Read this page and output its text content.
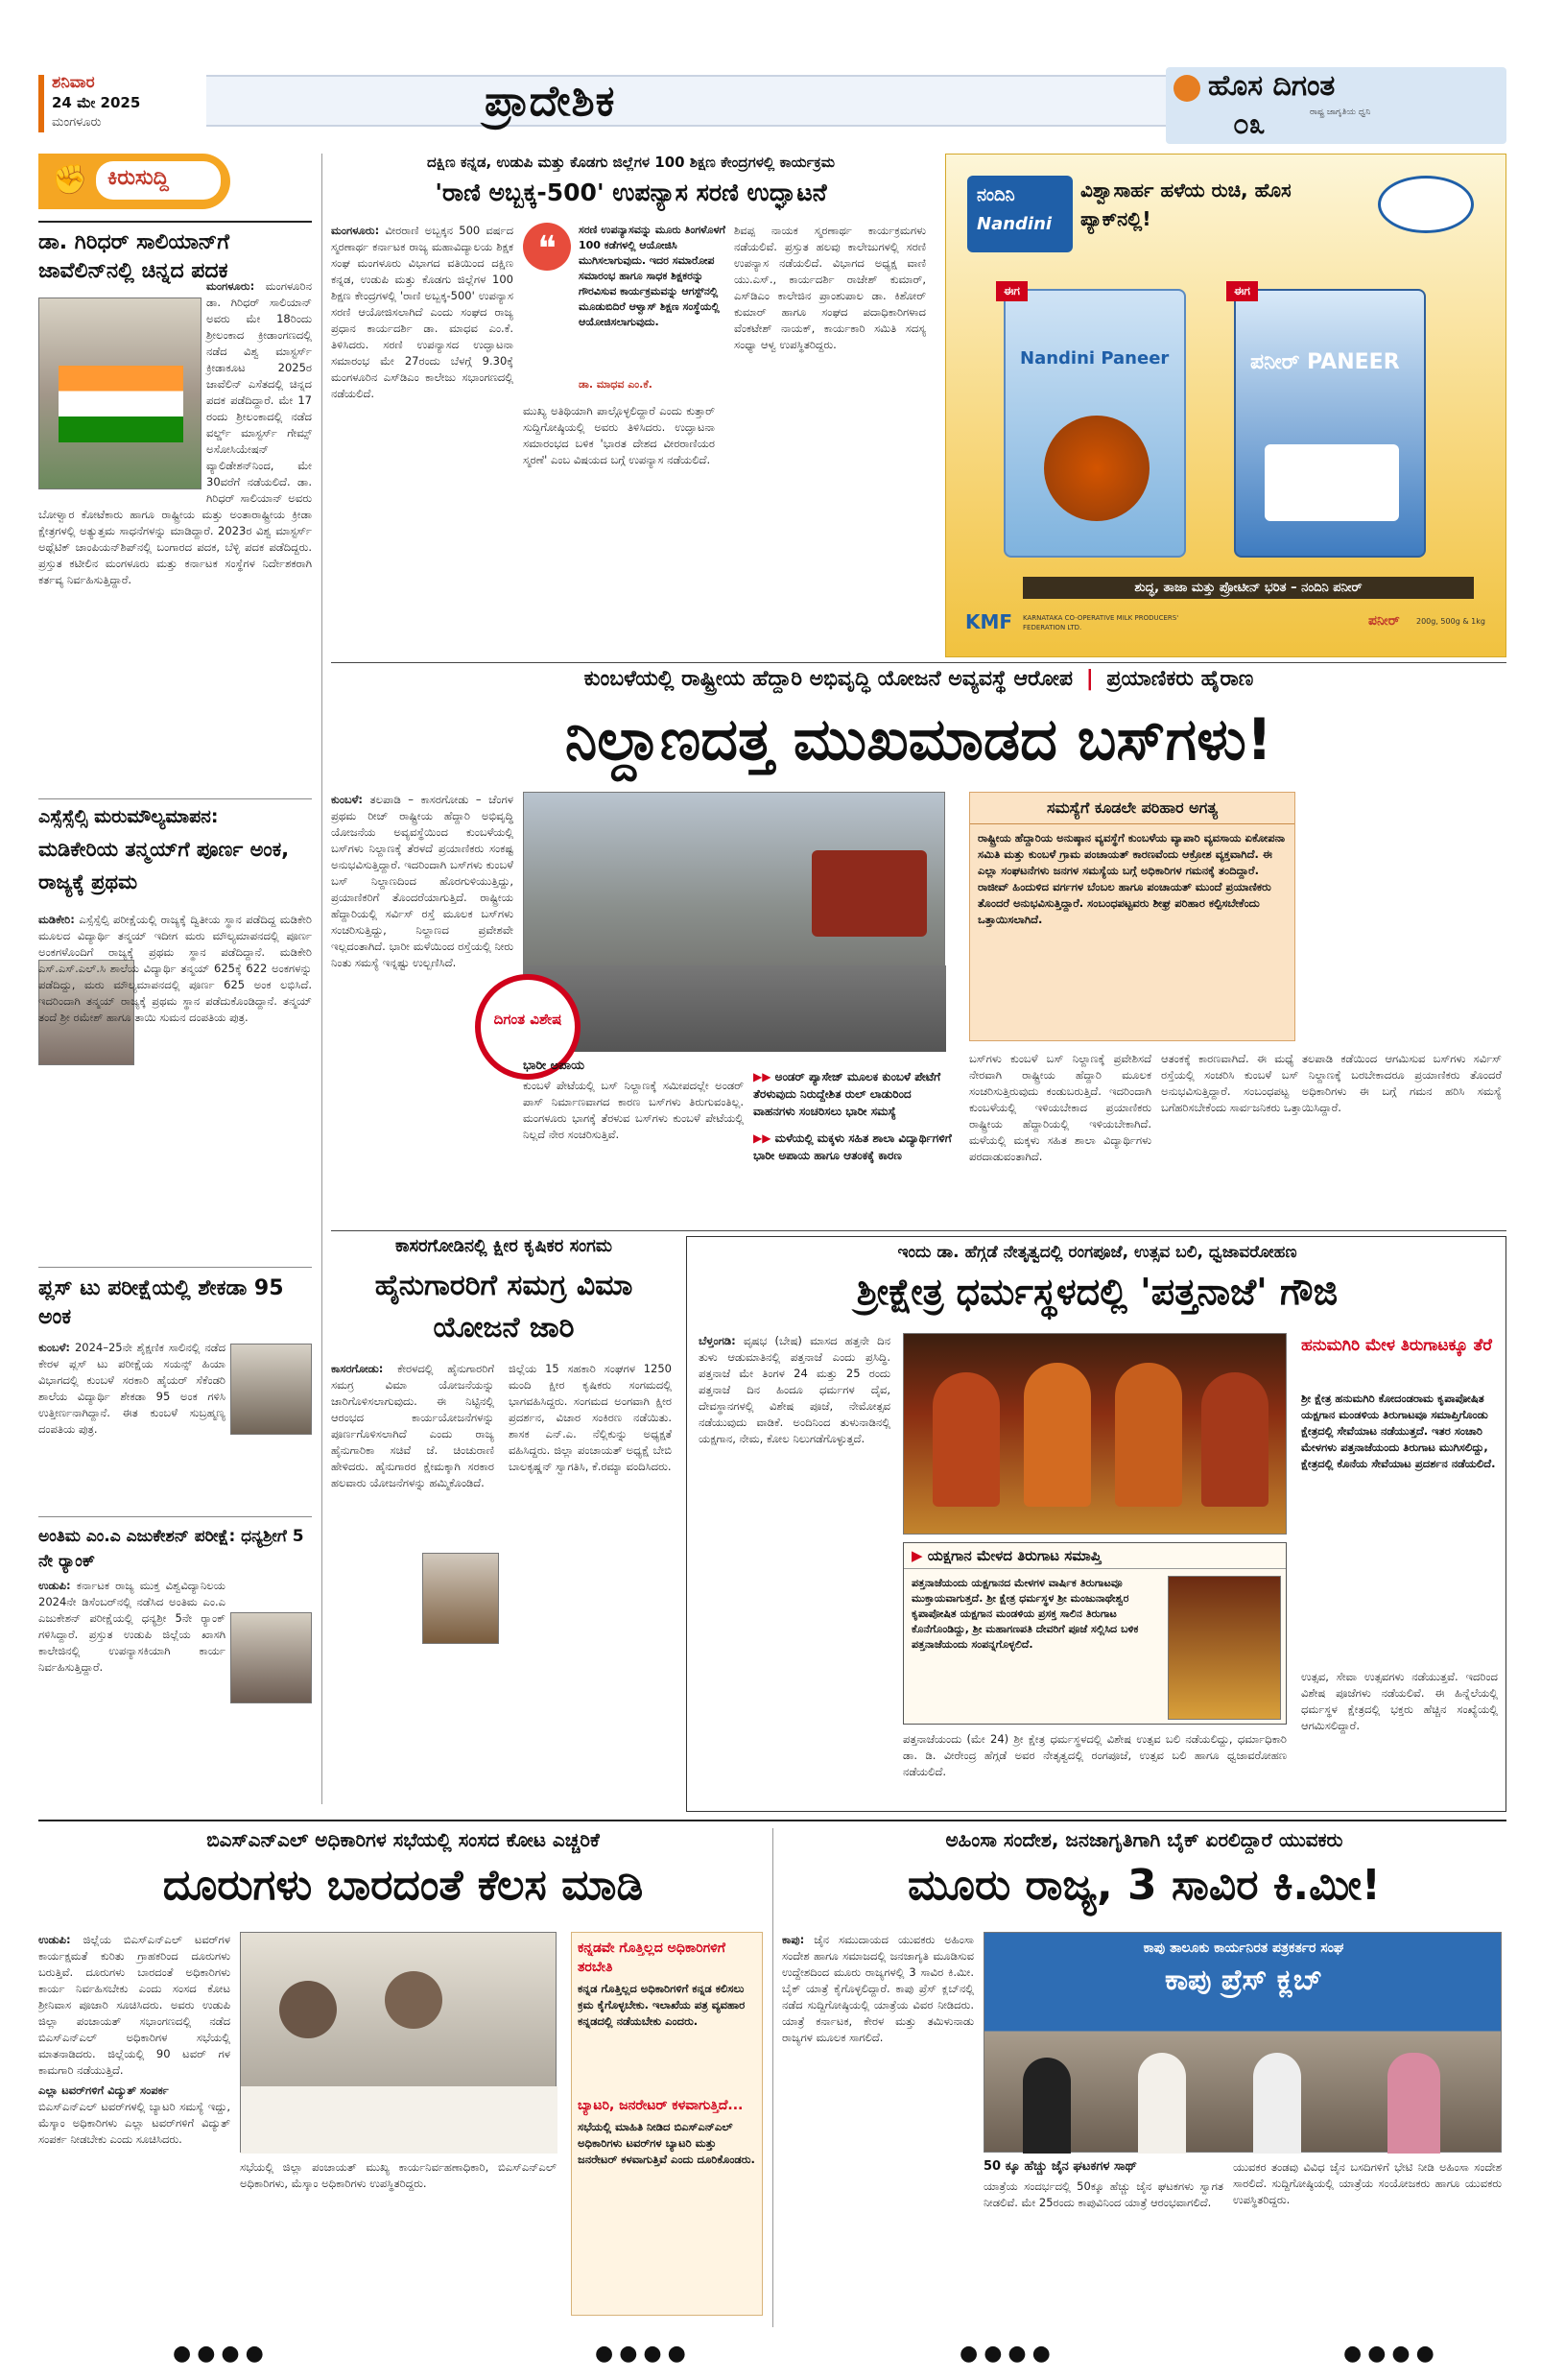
ಶನಿವಾರ
24 ಮೇ 2025
ಮಂಗಳೂರು	ಪ್ರಾದೇಶಿಕ	ಹೊಸ ದಿಗಂತ
ರಾಷ್ಟ್ರ ಜಾಗೃತಿಯ ಧ್ವನಿ
೦೩
✊ ಕಿರುಸುದ್ದಿ
ಡಾ. ಗಿರಿಧರ್ ಸಾಲಿಯಾನ್‌ಗೆ ಜಾವೆಲಿನ್‌ನಲ್ಲಿ ಚಿನ್ನದ ಪದಕ
ಮಂಗಳೂರು: ಮಂಗಳೂರಿನ ಡಾ. ಗಿರಿಧರ್ ಸಾಲಿಯಾನ್ ಅವರು ಮೇ 18ರಿಂದು ಶ್ರೀಲಂಕಾದ ಕ್ರೀಡಾಂಗಣದಲ್ಲಿ ನಡೆದ ವಿಶ್ವ ಮಾಸ್ಟರ್ಸ್ ಕ್ರೀಡಾಕೂಟ 2025ರ ಜಾವೆಲಿನ್ ಎಸೆತದಲ್ಲಿ ಚಿನ್ನದ ಪದಕ ಪಡೆದಿದ್ದಾರೆ. ಮೇ 17 ರಂದು ಶ್ರೀಲಂಕಾದಲ್ಲಿ ನಡೆದ ವರ್ಲ್ಡ್ ಮಾಸ್ಟರ್ಸ್ ಗೇಮ್ಸ್ ಅಸೋಸಿಯೇಷನ್ ವ್ಯಾಲಿಡೇಶನ್‌ನಿಂದ, ಮೇ 30ವರೆಗೆ ನಡೆಯಲಿದೆ. ಡಾ. ಗಿರಿಧರ್ ಸಾಲಿಯಾನ್ ಅವರು ಬೋಳ್ವಾರ ಕೋಟೆಕಾರು ಹಾಗೂ ರಾಷ್ಟ್ರೀಯ ಮತ್ತು ಅಂತಾರಾಷ್ಟ್ರೀಯ ಕ್ರೀಡಾ ಕ್ಷೇತ್ರಗಳಲ್ಲಿ ಅತ್ಯುತ್ತಮ ಸಾಧನೆಗಳನ್ನು ಮಾಡಿದ್ದಾರೆ. 2023ರ ವಿಶ್ವ ಮಾಸ್ಟರ್ಸ್ ಅಥ್ಲೆಟಿಕ್ ಚಾಂಪಿಯನ್‌ಶಿಪ್‌ನಲ್ಲಿ ಬಂಗಾರದ ಪದಕ, ಬೆಳ್ಳಿ ಪದಕ ಪಡೆದಿದ್ದರು. ಪ್ರಸ್ತುತ ಕಟೀಲಿನ ಮಂಗಳೂರು ಮತ್ತು ಕರ್ನಾಟಕ ಸಂಸ್ಥೆಗಳ ನಿರ್ದೇಶಕರಾಗಿ ಕರ್ತವ್ಯ ನಿರ್ವಹಿಸುತ್ತಿದ್ದಾರೆ.
ಎಸ್ಸೆಸ್ಸೆಲ್ಸಿ ಮರುಮೌಲ್ಯಮಾಪನ:
ಮಡಿಕೇರಿಯ ತನ್ಮಯ್‌ಗೆ ಪೂರ್ಣ ಅಂಕ, ರಾಜ್ಯಕ್ಕೆ ಪ್ರಥಮ
ಮಡಿಕೇರಿ: ಎಸ್ಸೆಸ್ಸೆಲ್ಸಿ ಪರೀಕ್ಷೆಯಲ್ಲಿ ರಾಜ್ಯಕ್ಕೆ ದ್ವಿತೀಯ ಸ್ಥಾನ ಪಡೆದಿದ್ದ ಮಡಿಕೇರಿ ಮೂಲದ ವಿದ್ಯಾರ್ಥಿ ತನ್ಮಯ್ ಇದೀಗ ಮರು ಮೌಲ್ಯಮಾಪನದಲ್ಲಿ ಪೂರ್ಣ ಅಂಕಗಳೊಂದಿಗೆ ರಾಜ್ಯಕ್ಕೆ ಪ್ರಥಮ ಸ್ಥಾನ ಪಡೆದಿದ್ದಾನೆ. ಮಡಿಕೇರಿ ಎಸ್.ಎಸ್.ಎಲ್.ಸಿ ಶಾಲೆಯ ವಿದ್ಯಾರ್ಥಿ ತನ್ಮಯ್ 625ಕ್ಕೆ 622 ಅಂಕಗಳನ್ನು ಪಡೆದಿದ್ದು, ಮರು ಮೌಲ್ಯಮಾಪನದಲ್ಲಿ ಪೂರ್ಣ 625 ಅಂಕ ಲಭಿಸಿದೆ. ಇದರಿಂದಾಗಿ ತನ್ಮಯ್ ರಾಜ್ಯಕ್ಕೆ ಪ್ರಥಮ ಸ್ಥಾನ ಪಡೆದುಕೊಂಡಿದ್ದಾನೆ. ತನ್ಮಯ್ ತಂದೆ ಶ್ರೀ ರಮೇಶ್ ಹಾಗೂ ತಾಯಿ ಸುಮನ ದಂಪತಿಯ ಪುತ್ರ.
ಪ್ಲಸ್ ಟು ಪರೀಕ್ಷೆಯಲ್ಲಿ ಶೇಕಡಾ 95 ಅಂಕ
ಕುಂಬಳೆ: 2024–25ನೇ ಶೈಕ್ಷಣಿಕ ಸಾಲಿನಲ್ಲಿ ನಡೆದ ಕೇರಳ ಪ್ಲಸ್ ಟು ಪರೀಕ್ಷೆಯ ಸಯನ್ಸ್ ಹಿಯಾ ವಿಭಾಗದಲ್ಲಿ ಕುಂಬಳೆ ಸರಕಾರಿ ಹೈಯರ್ ಸೆಕೆಂಡರಿ ಶಾಲೆಯ ವಿದ್ಯಾರ್ಥಿ ಶೇಕಡಾ 95 ಅಂಕ ಗಳಿಸಿ ಉತ್ತೀರ್ಣನಾಗಿದ್ದಾನೆ. ಈತ ಕುಂಬಳೆ ಸುಬ್ರಹ್ಮಣ್ಯ ದಂಪತಿಯ ಪುತ್ರ.
ಅಂತಿಮ ಎಂ.ಎ ಎಜುಕೇಶನ್ ಪರೀಕ್ಷೆ: ಧನ್ಯಶ್ರೀಗೆ 5 ನೇ ರ್‍ಯಾಂಕ್
ಉಡುಪಿ: ಕರ್ನಾಟಕ ರಾಜ್ಯ ಮುಕ್ತ ವಿಶ್ವವಿದ್ಯಾನಿಲಯ 2024ನೇ ಡಿಸೆಂಬರ್‌ನಲ್ಲಿ ನಡೆಸಿದ ಅಂತಿಮ ಎಂ.ಎ ಎಜುಕೇಶನ್ ಪರೀಕ್ಷೆಯಲ್ಲಿ ಧನ್ಯಶ್ರೀ 5ನೇ ರ್‍ಯಾಂಕ್ ಗಳಿಸಿದ್ದಾರೆ. ಪ್ರಸ್ತುತ ಉಡುಪಿ ಜಿಲ್ಲೆಯ ಖಾಸಗಿ ಕಾಲೇಜಿನಲ್ಲಿ ಉಪನ್ಯಾಸಕಿಯಾಗಿ ಕಾರ್ಯ ನಿರ್ವಹಿಸುತ್ತಿದ್ದಾರೆ.
ದಕ್ಷಿಣ ಕನ್ನಡ, ಉಡುಪಿ ಮತ್ತು ಕೊಡಗು ಜಿಲ್ಲೆಗಳ 100 ಶಿಕ್ಷಣ ಕೇಂದ್ರಗಳಲ್ಲಿ ಕಾರ್ಯಕ್ರಮ
'ರಾಣಿ ಅಬ್ಬಕ್ಕ-500' ಉಪನ್ಯಾಸ ಸರಣಿ ಉದ್ಘಾಟನೆ
ಮಂಗಳೂರು: ವೀರರಾಣಿ ಅಬ್ಬಕ್ಕನ 500 ವರ್ಷದ ಸ್ಮರಣಾರ್ಥ ಕರ್ನಾಟಕ ರಾಜ್ಯ ಮಹಾವಿದ್ಯಾಲಯ ಶಿಕ್ಷಕ ಸಂಘ ಮಂಗಳೂರು ವಿಭಾಗದ ವತಿಯಿಂದ ದಕ್ಷಿಣ ಕನ್ನಡ, ಉಡುಪಿ ಮತ್ತು ಕೊಡಗು ಜಿಲ್ಲೆಗಳ 100 ಶಿಕ್ಷಣ ಕೇಂದ್ರಗಳಲ್ಲಿ 'ರಾಣಿ ಅಬ್ಬಕ್ಕ-500' ಉಪನ್ಯಾಸ ಸರಣಿ ಆಯೋಜಿಸಲಾಗಿದೆ ಎಂದು ಸಂಘದ ರಾಜ್ಯ ಪ್ರಧಾನ ಕಾರ್ಯದರ್ಶಿ ಡಾ. ಮಾಧವ ಎಂ.ಕೆ. ತಿಳಿಸಿದರು. ಸರಣಿ ಉಪನ್ಯಾಸದ ಉದ್ಘಾಟನಾ ಸಮಾರಂಭ ಮೇ 27ರಂದು ಬೆಳಗ್ಗೆ 9.30ಕ್ಕೆ ಮಂಗಳೂರಿನ ಎಸ್‌ಡಿಎಂ ಕಾಲೇಜು ಸಭಾಂಗಣದಲ್ಲಿ ನಡೆಯಲಿದೆ.
❝	ಸರಣಿ ಉಪನ್ಯಾಸವನ್ನು ಮೂರು ತಿಂಗಳೊಳಗೆ 100 ಕಡೆಗಳಲ್ಲಿ ಆಯೋಜಿಸಿ ಮುಗಿಸಲಾಗುವುದು. ಇದರ ಸಮಾರೋಪ ಸಮಾರಂಭ ಹಾಗೂ ಸಾಧಕ ಶಿಕ್ಷಕರನ್ನು ಗೌರವಿಸುವ ಕಾರ್ಯಕ್ರಮವನ್ನು ಆಗಸ್ಟ್‌ನಲ್ಲಿ ಮೂಡುಬಿದಿರೆ ಆಳ್ವಾಸ್ ಶಿಕ್ಷಣ ಸಂಸ್ಥೆಯಲ್ಲಿ ಆಯೋಜಿಸಲಾಗುವುದು.
ಡಾ. ಮಾಧವ ಎಂ.ಕೆ.
ಮುಖ್ಯ ಅತಿಥಿಯಾಗಿ ಪಾಲ್ಗೊಳ್ಳಲಿದ್ದಾರೆ ಎಂದು ಕುತ್ತಾರ್ ಸುದ್ದಿಗೋಷ್ಠಿಯಲ್ಲಿ ಅವರು ತಿಳಿಸಿದರು. ಉದ್ಘಾಟನಾ ಸಮಾರಂಭದ ಬಳಿಕ 'ಭಾರತ ದೇಶದ ವೀರರಾಣಿಯರ ಸ್ಮರಣೆ' ಎಂಬ ವಿಷಯದ ಬಗ್ಗೆ ಉಪನ್ಯಾಸ ನಡೆಯಲಿದೆ.
ಶಿವಪ್ಪ ನಾಯಕ ಸ್ಮರಣಾರ್ಥ ಕಾರ್ಯಕ್ರಮಗಳು ನಡೆಯಲಿವೆ. ಪ್ರಸ್ತುತ ಹಲವು ಕಾಲೇಜುಗಳಲ್ಲಿ ಸರಣಿ ಉಪನ್ಯಾಸ ನಡೆಯಲಿದೆ. ವಿಭಾಗದ ಅಧ್ಯಕ್ಷ ವಾಣಿ ಯು.ಎಸ್., ಕಾರ್ಯದರ್ಶಿ ರಾಜೇಶ್ ಕುಮಾರ್, ಎಸ್‌ಡಿಎಂ ಕಾಲೇಜಿನ ಪ್ರಾಂಶುಪಾಲ ಡಾ. ಕಿಶೋರ್ ಕುಮಾರ್ ಹಾಗೂ ಸಂಘದ ಪದಾಧಿಕಾರಿಗಳಾದ ವೆಂಕಟೇಶ್ ನಾಯಕ್, ಕಾರ್ಯಕಾರಿ ಸಮಿತಿ ಸದಸ್ಯ ಸಂಧ್ಯಾ ಆಳ್ವ ಉಪಸ್ಥಿತರಿದ್ದರು.
ನಂದಿನಿ
Nandini
ವಿಶ್ವಾಸಾರ್ಹ ಹಳೆಯ ರುಚಿ, ಹೊಸ ಪ್ಯಾಕ್‌ನಲ್ಲಿ!
ಈಗ
Nandini Paneer
ಈಗ
ಪನೀರ್ PANEER
ಶುದ್ಧ, ತಾಜಾ ಮತ್ತು ಪ್ರೋಟೀನ್ ಭರಿತ – ನಂದಿನಿ ಪನೀರ್
KMF KARNATAKA CO-OPERATIVE MILK PRODUCERS' FEDERATION LTD.	ಪನೀರ್ 200g, 500g & 1kg
ಕುಂಬಳೆಯಲ್ಲಿ ರಾಷ್ಟ್ರೀಯ ಹೆದ್ದಾರಿ ಅಭಿವೃದ್ಧಿ ಯೋಜನೆ ಅವ್ಯವಸ್ಥೆ ಆರೋಪ | ಪ್ರಯಾಣಿಕರು ಹೈರಾಣ
ನಿಲ್ದಾಣದತ್ತ ಮುಖಮಾಡದ ಬಸ್‌ಗಳು!
ಕುಂಬಳೆ: ತಲಪಾಡಿ – ಕಾಸರಗೋಡು – ಚೆಂಗಳ ಪ್ರಥಮ ರೀಚ್ ರಾಷ್ಟ್ರೀಯ ಹೆದ್ದಾರಿ ಅಭಿವೃದ್ಧಿ ಯೋಜನೆಯ ಅವ್ಯವಸ್ಥೆಯಿಂದ ಕುಂಬಳೆಯಲ್ಲಿ ಬಸ್‌ಗಳು ನಿಲ್ದಾಣಕ್ಕೆ ತೆರಳದೆ ಪ್ರಯಾಣಿಕರು ಸಂಕಷ್ಟ ಅನುಭವಿಸುತ್ತಿದ್ದಾರೆ. ಇದರಿಂದಾಗಿ ಬಸ್‌ಗಳು ಕುಂಬಳೆ ಬಸ್ ನಿಲ್ದಾಣದಿಂದ ಹೊರಗುಳಿಯುತ್ತಿದ್ದು, ಪ್ರಯಾಣಿಕರಿಗೆ ತೊಂದರೆಯಾಗುತ್ತಿದೆ. ರಾಷ್ಟ್ರೀಯ ಹೆದ್ದಾರಿಯಲ್ಲಿ ಸರ್ವಿಸ್ ರಸ್ತೆ ಮೂಲಕ ಬಸ್‌ಗಳು ಸಂಚರಿಸುತ್ತಿದ್ದು, ನಿಲ್ದಾಣದ ಪ್ರವೇಶವೇ ಇಲ್ಲದಂತಾಗಿದೆ. ಭಾರೀ ಮಳೆಯಿಂದ ರಸ್ತೆಯಲ್ಲಿ ನೀರು ನಿಂತು ಸಮಸ್ಯೆ ಇನ್ನಷ್ಟು ಉಲ್ಬಣಿಸಿದೆ.
ದಿಗಂತ ವಿಶೇಷ
ಭಾರೀ ಅಪಾಯ
ಕುಂಬಳೆ ಪೇಟೆಯಲ್ಲಿ ಬಸ್ ನಿಲ್ದಾಣಕ್ಕೆ ಸಮೀಪದಲ್ಲೇ ಅಂಡರ್ ಪಾಸ್ ನಿರ್ಮಾಣವಾಗದ ಕಾರಣ ಬಸ್‌ಗಳು ತಿರುಗುವಂತಿಲ್ಲ. ಮಂಗಳೂರು ಭಾಗಕ್ಕೆ ತೆರಳುವ ಬಸ್‌ಗಳು ಕುಂಬಳೆ ಪೇಟೆಯಲ್ಲಿ ನಿಲ್ಲದೆ ನೇರ ಸಂಚರಿಸುತ್ತಿವೆ.
▶▶ ಅಂಡರ್ ಪ್ಯಾಸೇಜ್ ಮೂಲಕ ಕುಂಬಳೆ ಪೇಟೆಗೆ ತೆರಳುವುದು ನಿರುದ್ದೇಶಿತ ರುಲ್ ಲಾಡುರಿಂದ ವಾಹನಗಳು ಸಂಚರಿಸಲು ಭಾರೀ ಸಮಸ್ಯೆ
▶▶ ಮಳೆಯಲ್ಲಿ ಮಕ್ಕಳು ಸಹಿತ ಶಾಲಾ ವಿದ್ಯಾರ್ಥಿಗಳಿಗೆ ಭಾರೀ ಅಪಾಯ ಹಾಗೂ ಆತಂಕಕ್ಕೆ ಕಾರಣ
ಸಮಸ್ಯೆಗೆ ಕೂಡಲೇ ಪರಿಹಾರ ಅಗತ್ಯ
ರಾಷ್ಟ್ರೀಯ ಹೆದ್ದಾರಿಯ ಅನುಷ್ಠಾನ ವ್ಯವಸ್ಥೆಗೆ ಕುಂಬಳೆಯ ವ್ಯಾಪಾರಿ ವ್ಯವಸಾಯ ಏಕೋಪನಾ ಸಮಿತಿ ಮತ್ತು ಕುಂಬಳೆ ಗ್ರಾಮ ಪಂಚಾಯತ್ ಕಾರಣವೆಂದು ಆಕ್ರೋಶ ವ್ಯಕ್ತವಾಗಿದೆ. ಈ ಎಲ್ಲಾ ಸಂಘಟನೆಗಳು ಜನಗಳ ಸಮಸ್ಯೆಯ ಬಗ್ಗೆ ಅಧಿಕಾರಿಗಳ ಗಮನಕ್ಕೆ ತಂದಿದ್ದಾರೆ. ರಾಜೀವ್ ಹಿಂದುಳಿದ ವರ್ಗಗಳ ಬೆಂಬಲ ಹಾಗೂ ಪಂಚಾಯತ್ ಮುಂದೆ ಪ್ರಯಾಣಿಕರು ತೊಂದರೆ ಅನುಭವಿಸುತ್ತಿದ್ದಾರೆ. ಸಂಬಂಧಪಟ್ಟವರು ಶೀಘ್ರ ಪರಿಹಾರ ಕಲ್ಪಿಸಬೇಕೆಂದು ಒತ್ತಾಯಿಸಲಾಗಿದೆ.
ಬಸ್‌ಗಳು ಕುಂಬಳೆ ಬಸ್ ನಿಲ್ದಾಣಕ್ಕೆ ಪ್ರವೇಶಿಸದೆ ನೇರವಾಗಿ ರಾಷ್ಟ್ರೀಯ ಹೆದ್ದಾರಿ ಮೂಲಕ ಸಂಚರಿಸುತ್ತಿರುವುದು ಕಂಡುಬರುತ್ತಿದೆ. ಇದರಿಂದಾಗಿ ಕುಂಬಳೆಯಲ್ಲಿ ಇಳಿಯಬೇಕಾದ ಪ್ರಯಾಣಿಕರು ರಾಷ್ಟ್ರೀಯ ಹೆದ್ದಾರಿಯಲ್ಲಿ ಇಳಿಯಬೇಕಾಗಿದೆ. ಮಳೆಯಲ್ಲಿ ಮಕ್ಕಳು ಸಹಿತ ಶಾಲಾ ವಿದ್ಯಾರ್ಥಿಗಳು ಪರದಾಡುವಂತಾಗಿದೆ.
ಆತಂಕಕ್ಕೆ ಕಾರಣವಾಗಿದೆ. ಈ ಮಧ್ಯೆ ತಲಪಾಡಿ ಕಡೆಯಿಂದ ಆಗಮಿಸುವ ಬಸ್‌ಗಳು ಸರ್ವಿಸ್ ರಸ್ತೆಯಲ್ಲಿ ಸಂಚರಿಸಿ ಕುಂಬಳೆ ಬಸ್ ನಿಲ್ದಾಣಕ್ಕೆ ಬರಬೇಕಾದರೂ ಪ್ರಯಾಣಿಕರು ತೊಂದರೆ ಅನುಭವಿಸುತ್ತಿದ್ದಾರೆ. ಸಂಬಂಧಪಟ್ಟ ಅಧಿಕಾರಿಗಳು ಈ ಬಗ್ಗೆ ಗಮನ ಹರಿಸಿ ಸಮಸ್ಯೆ ಬಗೆಹರಿಸಬೇಕೆಂದು ಸಾರ್ವಜನಿಕರು ಒತ್ತಾಯಿಸಿದ್ದಾರೆ.
ಕಾಸರಗೋಡಿನಲ್ಲಿ ಕ್ಷೀರ ಕೃಷಿಕರ ಸಂಗಮ
ಹೈನುಗಾರರಿಗೆ ಸಮಗ್ರ ವಿಮಾ ಯೋಜನೆ ಜಾರಿ
ಕಾಸರಗೋಡು: ಕೇರಳದಲ್ಲಿ ಹೈನುಗಾರರಿಗೆ ಸಮಗ್ರ ವಿಮಾ ಯೋಜನೆಯನ್ನು ಜಾರಿಗೊಳಿಸಲಾಗುವುದು. ಈ ನಿಟ್ಟಿನಲ್ಲಿ ಆರಂಭದ ಕಾರ್ಯಯೋಜನೆಗಳನ್ನು ಪೂರ್ಣಗೊಳಿಸಲಾಗಿದೆ ಎಂದು ರಾಜ್ಯ ಹೈನುಗಾರಿಕಾ ಸಚಿವೆ ಜೆ. ಚಿಂಚುರಾಣಿ ಹೇಳಿದರು. ಹೈನುಗಾರರ ಕ್ಷೇಮಕ್ಕಾಗಿ ಸರಕಾರ ಹಲವಾರು ಯೋಜನೆಗಳನ್ನು ಹಮ್ಮಿಕೊಂಡಿದೆ.
ಜಿಲ್ಲೆಯ 15 ಸಹಕಾರಿ ಸಂಘಗಳ 1250 ಮಂದಿ ಕ್ಷೀರ ಕೃಷಿಕರು ಸಂಗಮದಲ್ಲಿ ಭಾಗವಹಿಸಿದ್ದರು. ಸಂಗಮದ ಅಂಗವಾಗಿ ಕ್ಷೀರ ಪ್ರದರ್ಶನ, ವಿಚಾರ ಸಂಕಿರಣ ನಡೆಯಿತು. ಶಾಸಕ ಎನ್.ಎ. ನೆಲ್ಲಿಕುನ್ನು ಅಧ್ಯಕ್ಷತೆ ವಹಿಸಿದ್ದರು. ಜಿಲ್ಲಾ ಪಂಚಾಯತ್ ಅಧ್ಯಕ್ಷೆ ಬೇಬಿ ಬಾಲಕೃಷ್ಣನ್ ಸ್ವಾಗತಿಸಿ, ಕೆ.ರಮ್ಯಾ ವಂದಿಸಿದರು.
ಇಂದು ಡಾ. ಹೆಗ್ಗಡೆ ನೇತೃತ್ವದಲ್ಲಿ ರಂಗಪೂಜೆ, ಉತ್ಸವ ಬಲಿ, ಧ್ವಜಾವರೋಹಣ
ಶ್ರೀಕ್ಷೇತ್ರ ಧರ್ಮಸ್ಥಳದಲ್ಲಿ 'ಪತ್ತನಾಜೆ' ಗೌಜಿ
ಬೆಳ್ತಂಗಡಿ: ವೃಷಭ (ಬೇಷ) ಮಾಸದ ಹತ್ತನೇ ದಿನ ತುಳು ಆಡುಮಾತಿನಲ್ಲಿ ಪತ್ತನಾಜೆ ಎಂದು ಪ್ರಸಿದ್ಧಿ. ಪತ್ತನಾಜೆ ಮೇ ತಿಂಗಳ 24 ಮತ್ತು 25 ರಂದು ಪತ್ತನಾಜೆ ದಿನ ಹಿಂದೂ ಧರ್ಮಗಳ ದೈವ, ದೇವಸ್ಥಾನಗಳಲ್ಲಿ ವಿಶೇಷ ಪೂಜೆ, ನೇಮೋತ್ಸವ ನಡೆಯುವುದು ವಾಡಿಕೆ. ಅಂದಿನಿಂದ ತುಳುನಾಡಿನಲ್ಲಿ ಯಕ್ಷಗಾನ, ನೇಮ, ಕೋಲ ನಿಲುಗಡೆಗೊಳ್ಳುತ್ತದೆ.
▶ ಯಕ್ಷಗಾನ ಮೇಳದ ತಿರುಗಾಟ ಸಮಾಪ್ತಿ
ಪತ್ತನಾಜೆಯಂದು ಯಕ್ಷಗಾನದ ಮೇಳಗಳ ವಾರ್ಷಿಕ ತಿರುಗಾಟವೂ ಮುಕ್ತಾಯವಾಗುತ್ತದೆ. ಶ್ರೀ ಕ್ಷೇತ್ರ ಧರ್ಮಸ್ಥಳ ಶ್ರೀ ಮಂಜುನಾಥೇಶ್ವರ ಕೃಪಾಪೋಷಿತ ಯಕ್ಷಗಾನ ಮಂಡಳಿಯ ಪ್ರಸಕ್ತ ಸಾಲಿನ ತಿರುಗಾಟ ಕೊನೆಗೊಂಡಿದ್ದು, ಶ್ರೀ ಮಹಾಗಣಪತಿ ದೇವರಿಗೆ ಪೂಜೆ ಸಲ್ಲಿಸಿದ ಬಳಿಕ ಪತ್ತನಾಜೆಯಂದು ಸಂಪನ್ನಗೊಳ್ಳಲಿದೆ.
ಪತ್ತನಾಜೆಯಂದು (ಮೇ 24) ಶ್ರೀ ಕ್ಷೇತ್ರ ಧರ್ಮಸ್ಥಳದಲ್ಲಿ ವಿಶೇಷ ಉತ್ಸವ ಬಲಿ ನಡೆಯಲಿದ್ದು, ಧರ್ಮಾಧಿಕಾರಿ ಡಾ. ಡಿ. ವೀರೇಂದ್ರ ಹೆಗ್ಗಡೆ ಅವರ ನೇತೃತ್ವದಲ್ಲಿ ರಂಗಪೂಜೆ, ಉತ್ಸವ ಬಲಿ ಹಾಗೂ ಧ್ವಜಾವರೋಹಣ ನಡೆಯಲಿದೆ.
ಹನುಮಗಿರಿ ಮೇಳ ತಿರುಗಾಟಕ್ಕೂ ತೆರೆ
ಶ್ರೀ ಕ್ಷೇತ್ರ ಹನುಮಗಿರಿ ಕೋದಂಡರಾಮ ಕೃಪಾಪೋಷಿತ ಯಕ್ಷಗಾನ ಮಂಡಳಿಯ ತಿರುಗಾಟವೂ ಸಮಾಪ್ತಿಗೊಂಡು ಕ್ಷೇತ್ರದಲ್ಲಿ ಸೇವೆಯಾಟ ನಡೆಯುತ್ತದೆ. ಇತರ ಸಂಚಾರಿ ಮೇಳಗಳು ಪತ್ತನಾಜೆಯಂದು ತಿರುಗಾಟ ಮುಗಿಸಲಿದ್ದು, ಕ್ಷೇತ್ರದಲ್ಲಿ ಕೊನೆಯ ಸೇವೆಯಾಟ ಪ್ರದರ್ಶನ ನಡೆಯಲಿದೆ.
ಉತ್ಸವ, ಸೇವಾ ಉತ್ಸವಗಳು ನಡೆಯುತ್ತವೆ. ಇದರಿಂದ ವಿಶೇಷ ಪೂಜೆಗಳು ನಡೆಯಲಿವೆ. ಈ ಹಿನ್ನೆಲೆಯಲ್ಲಿ ಧರ್ಮಸ್ಥಳ ಕ್ಷೇತ್ರದಲ್ಲಿ ಭಕ್ತರು ಹೆಚ್ಚಿನ ಸಂಖ್ಯೆಯಲ್ಲಿ ಆಗಮಿಸಲಿದ್ದಾರೆ.
ಬಿಎಸ್‌ಎನ್‌ಎಲ್ ಅಧಿಕಾರಿಗಳ ಸಭೆಯಲ್ಲಿ ಸಂಸದ ಕೋಟ ಎಚ್ಚರಿಕೆ
ದೂರುಗಳು ಬಾರದಂತೆ ಕೆಲಸ ಮಾಡಿ
ಉಡುಪಿ: ಜಿಲ್ಲೆಯ ಬಿಎಸ್‌ಎನ್‌ಎಲ್ ಟವರ್‌ಗಳ ಕಾರ್ಯಕ್ಷಮತೆ ಕುರಿತು ಗ್ರಾಹಕರಿಂದ ದೂರುಗಳು ಬರುತ್ತಿವೆ. ದೂರುಗಳು ಬಾರದಂತೆ ಅಧಿಕಾರಿಗಳು ಕಾರ್ಯ ನಿರ್ವಹಿಸಬೇಕು ಎಂದು ಸಂಸದ ಕೋಟ ಶ್ರೀನಿವಾಸ ಪೂಜಾರಿ ಸೂಚಿಸಿದರು. ಅವರು ಉಡುಪಿ ಜಿಲ್ಲಾ ಪಂಚಾಯತ್ ಸಭಾಂಗಣದಲ್ಲಿ ನಡೆದ ಬಿಎಸ್‌ಎನ್‌ಎಲ್ ಅಧಿಕಾರಿಗಳ ಸಭೆಯಲ್ಲಿ ಮಾತನಾಡಿದರು. ಜಿಲ್ಲೆಯಲ್ಲಿ 90 ಟವರ್ ಗಳ ಕಾಮಗಾರಿ ನಡೆಯುತ್ತಿದೆ.
ಎಲ್ಲಾ ಟವರ್‌ಗಳಿಗೆ ವಿದ್ಯುತ್ ಸಂಪರ್ಕ
ಬಿಎಸ್‌ಎನ್‌ಎಲ್ ಟವರ್‌ಗಳಲ್ಲಿ ಬ್ಯಾಟರಿ ಸಮಸ್ಯೆ ಇದ್ದು, ಮೆಸ್ಕಾಂ ಅಧಿಕಾರಿಗಳು ಎಲ್ಲಾ ಟವರ್‌ಗಳಿಗೆ ವಿದ್ಯುತ್ ಸಂಪರ್ಕ ನೀಡಬೇಕು ಎಂದು ಸೂಚಿಸಿದರು.
ಸಭೆಯಲ್ಲಿ ಜಿಲ್ಲಾ ಪಂಚಾಯತ್ ಮುಖ್ಯ ಕಾರ್ಯನಿರ್ವಹಣಾಧಿಕಾರಿ, ಬಿಎಸ್‌ಎನ್‌ಎಲ್ ಅಧಿಕಾರಿಗಳು, ಮೆಸ್ಕಾಂ ಅಧಿಕಾರಿಗಳು ಉಪಸ್ಥಿತರಿದ್ದರು.
ಕನ್ನಡವೇ ಗೊತ್ತಿಲ್ಲದ ಅಧಿಕಾರಿಗಳಿಗೆ ತರಬೇತಿ
ಕನ್ನಡ ಗೊತ್ತಿಲ್ಲದ ಅಧಿಕಾರಿಗಳಿಗೆ ಕನ್ನಡ ಕಲಿಸಲು ಕ್ರಮ ಕೈಗೊಳ್ಳಬೇಕು. ಇಲಾಖೆಯ ಪತ್ರ ವ್ಯವಹಾರ ಕನ್ನಡದಲ್ಲಿ ನಡೆಯಬೇಕು ಎಂದರು.
ಬ್ಯಾಟರಿ, ಜನರೇಟರ್ ಕಳವಾಗುತ್ತಿದೆ...
ಸಭೆಯಲ್ಲಿ ಮಾಹಿತಿ ನೀಡಿದ ಬಿಎಸ್‌ಎನ್‌ಎಲ್ ಅಧಿಕಾರಿಗಳು ಟವರ್‌ಗಳ ಬ್ಯಾಟರಿ ಮತ್ತು ಜನರೇಟರ್ ಕಳವಾಗುತ್ತಿವೆ ಎಂದು ದೂರಿಕೊಂಡರು.
ಅಹಿಂಸಾ ಸಂದೇಶ, ಜನಜಾಗೃತಿಗಾಗಿ ಬೈಕ್ ಏರಲಿದ್ದಾರೆ ಯುವಕರು
ಮೂರು ರಾಜ್ಯ, 3 ಸಾವಿರ ಕಿ.ಮೀ!
ಕಾಪು: ಜೈನ ಸಮುದಾಯದ ಯುವಕರು ಅಹಿಂಸಾ ಸಂದೇಶ ಹಾಗೂ ಸಮಾಜದಲ್ಲಿ ಜನಜಾಗೃತಿ ಮೂಡಿಸುವ ಉದ್ದೇಶದಿಂದ ಮೂರು ರಾಜ್ಯಗಳಲ್ಲಿ 3 ಸಾವಿರ ಕಿ.ಮೀ. ಬೈಕ್ ಯಾತ್ರೆ ಕೈಗೊಳ್ಳಲಿದ್ದಾರೆ. ಕಾಪು ಪ್ರೆಸ್ ಕ್ಲಬ್‌ನಲ್ಲಿ ನಡೆದ ಸುದ್ದಿಗೋಷ್ಠಿಯಲ್ಲಿ ಯಾತ್ರೆಯ ವಿವರ ನೀಡಿದರು. ಯಾತ್ರೆ ಕರ್ನಾಟಕ, ಕೇರಳ ಮತ್ತು ತಮಿಳುನಾಡು ರಾಜ್ಯಗಳ ಮೂಲಕ ಸಾಗಲಿದೆ.
ಕಾಪು ತಾಲೂಕು ಕಾರ್ಯನಿರತ ಪತ್ರಕರ್ತರ ಸಂಘ
ಕಾಪು ಪ್ರೆಸ್ ಕ್ಲಬ್
50 ಕ್ಕೂ ಹೆಚ್ಚು ಜೈನ ಘಟಕಗಳ ಸಾಥ್
ಯಾತ್ರೆಯ ಸಂದರ್ಭದಲ್ಲಿ 50ಕ್ಕೂ ಹೆಚ್ಚು ಜೈನ ಘಟಕಗಳು ಸ್ವಾಗತ ನೀಡಲಿವೆ. ಮೇ 25ರಂದು ಕಾಪುವಿನಿಂದ ಯಾತ್ರೆ ಆರಂಭವಾಗಲಿದೆ.
ಯುವಕರ ತಂಡವು ವಿವಿಧ ಜೈನ ಬಸದಿಗಳಿಗೆ ಭೇಟಿ ನೀಡಿ ಅಹಿಂಸಾ ಸಂದೇಶ ಸಾರಲಿದೆ. ಸುದ್ದಿಗೋಷ್ಠಿಯಲ್ಲಿ ಯಾತ್ರೆಯ ಸಂಯೋಜಕರು ಹಾಗೂ ಯುವಕರು ಉಪಸ್ಥಿತರಿದ್ದರು.
●●●●	●●●●	●●●●	●●●●
